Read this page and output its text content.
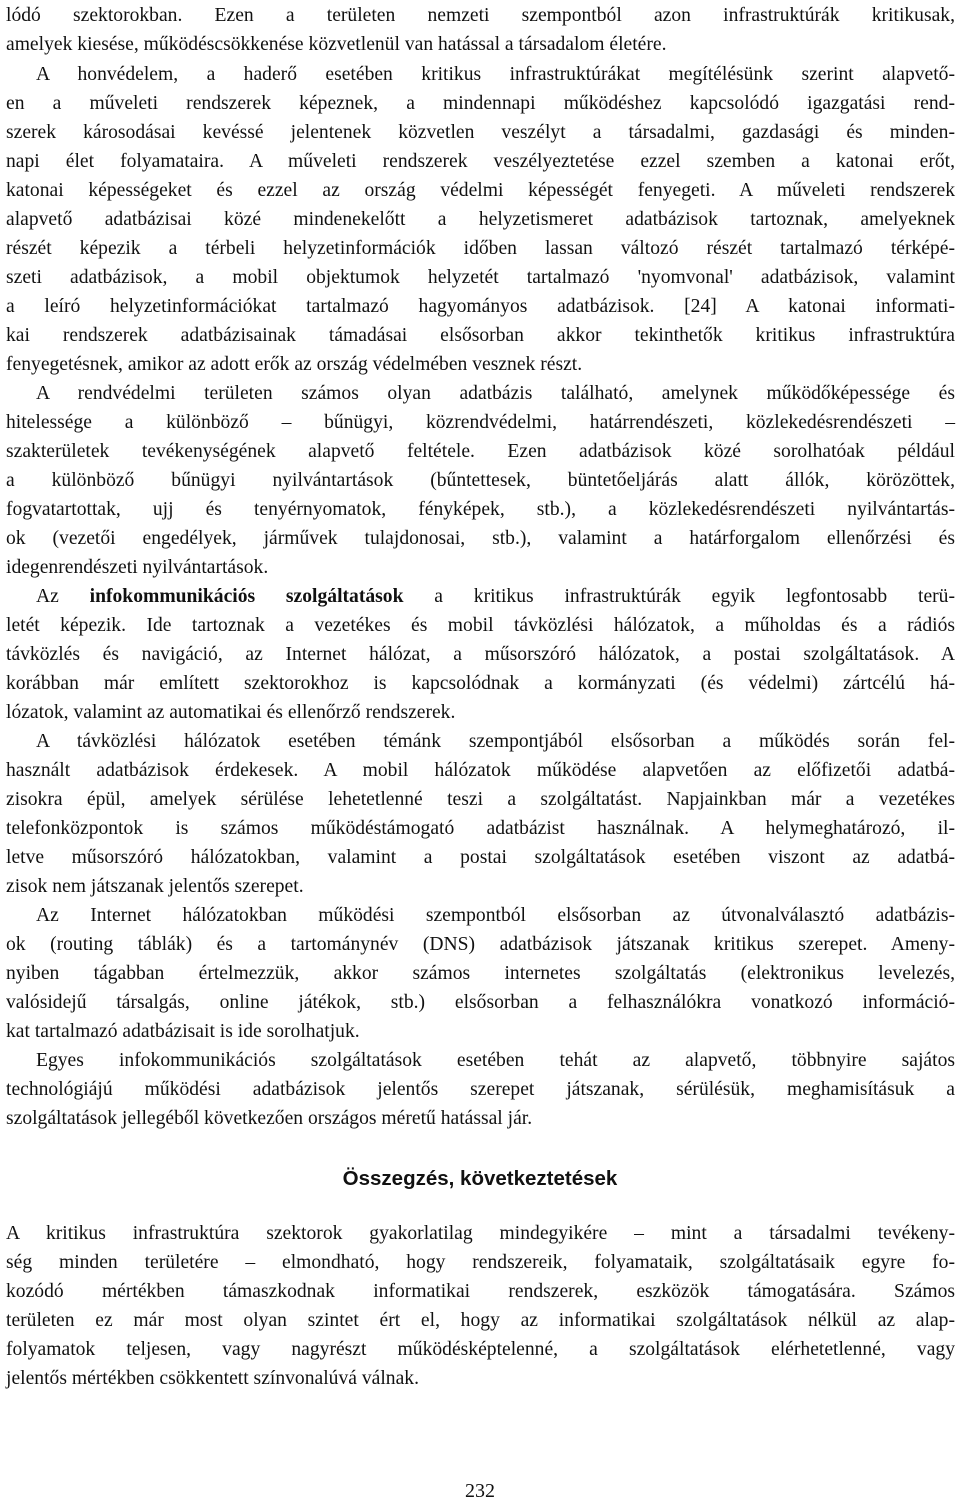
lódó szektorokban. Ezen a területen nemzeti szempontból azon infrastruktúrák kritikusak,
amelyek kiesése, működéscsökkenése közvetlenül van hatással a társadalom életére.
A honvédelem, a haderő esetében kritikus infrastruktúrákat megítélésünk szerint alapvető-
en a műveleti rendszerek képeznek, a mindennapi működéshez kapcsolódó igazgatási rend-
szerek károsodásai kevéssé jelentenek közvetlen veszélyt a társadalmi, gazdasági és minden-
napi élet folyamataira. A műveleti rendszerek veszélyeztetése ezzel szemben a katonai erőt,
katonai képességeket és ezzel az ország védelmi képességét fenyegeti. A műveleti rendszerek
alapvető adatbázisai közé mindenekelőtt a helyzetismeret adatbázisok tartoznak, amelyeknek
részét képezik a térbeli helyzetinformációk időben lassan változó részét tartalmazó térképé-
szeti adatbázisok, a mobil objektumok helyzetét tartalmazó 'nyomvonal' adatbázisok, valamint
a leíró helyzetinformációkat tartalmazó hagyományos adatbázisok. [24] A katonai informati-
kai rendszerek adatbázisainak támadásai elsősorban akkor tekinthetők kritikus infrastruktúra
fenyegetésnek, amikor az adott erők az ország védelmében vesznek részt.
A rendvédelmi területen számos olyan adatbázis található, amelynek működőképessége és
hitelessége a különböző – bűnügyi, közrendvédelmi, határrendészeti, közlekedésrendészeti –
szakterületek tevékenységének alapvető feltétele. Ezen adatbázisok közé sorolhatóak például
a különböző bűnügyi nyilvántartások (bűntettesek, büntetőeljárás alatt állók, körözöttek,
fogvatartottak, ujj és tenyérnyomatok, fényképek, stb.), a közlekedésrendészeti nyilvántartás-
ok (vezetői engedélyek, járművek tulajdonosai, stb.), valamint a határforgalom ellenőrzési és
idegenrendészeti nyilvántartások.
Az infokommunikációs szolgáltatások a kritikus infrastruktúrák egyik legfontosabb terü-
letét képezik. Ide tartoznak a vezetékes és mobil távközlési hálózatok, a műholdas és a rádiós
távközlés és navigáció, az Internet hálózat, a műsorszóró hálózatok, a postai szolgáltatások. A
korábban már említett szektorokhoz is kapcsolódnak a kormányzati (és védelmi) zártcélú há-
lózatok, valamint az automatikai és ellenőrző rendszerek.
A távközlési hálózatok esetében témánk szempontjából elsősorban a működés során fel-
használt adatbázisok érdekesek. A mobil hálózatok működése alapvetően az előfizetői adatbá-
zisokra épül, amelyek sérülése lehetetlenné teszi a szolgáltatást. Napjainkban már a vezetékes
telefonközpontok is számos működéstámogató adatbázist használnak. A helymeghatározó, il-
letve műsorszóró hálózatokban, valamint a postai szolgáltatások esetében viszont az adatbá-
zisok nem játszanak jelentős szerepet.
Az Internet hálózatokban működési szempontból elsősorban az útvonalválasztó adatbázis-
ok (routing táblák) és a tartománynév (DNS) adatbázisok játszanak kritikus szerepet. Ameny-
nyiben tágabban értelmezzük, akkor számos internetes szolgáltatás (elektronikus levelezés,
valósidejű társalgás, online játékok, stb.) elsősorban a felhasználókra vonatkozó információ-
kat tartalmazó adatbázisait is ide sorolhatjuk.
Egyes infokommunikációs szolgáltatások esetében tehát az alapvető, többnyire sajátos
technológiájú működési adatbázisok jelentős szerepet játszanak, sérülésük, meghamisításuk a
szolgáltatások jellegéből következően országos méretű hatással jár.
Összegzés, következtetések
A kritikus infrastruktúra szektorok gyakorlatilag mindegyikére – mint a társadalmi tevékeny-
ség minden területére – elmondható, hogy rendszereik, folyamataik, szolgáltatásaik egyre fo-
kozódó mértékben támaszkodnak informatikai rendszerek, eszközök támogatására. Számos
területen ez már most olyan szintet ért el, hogy az informatikai szolgáltatások nélkül az alap-
folyamatok teljesen, vagy nagyrészt működésképtelenné, a szolgáltatások elérhetetlenné, vagy
jelentős mértékben csökkentett színvonalúvá válnak.
232
